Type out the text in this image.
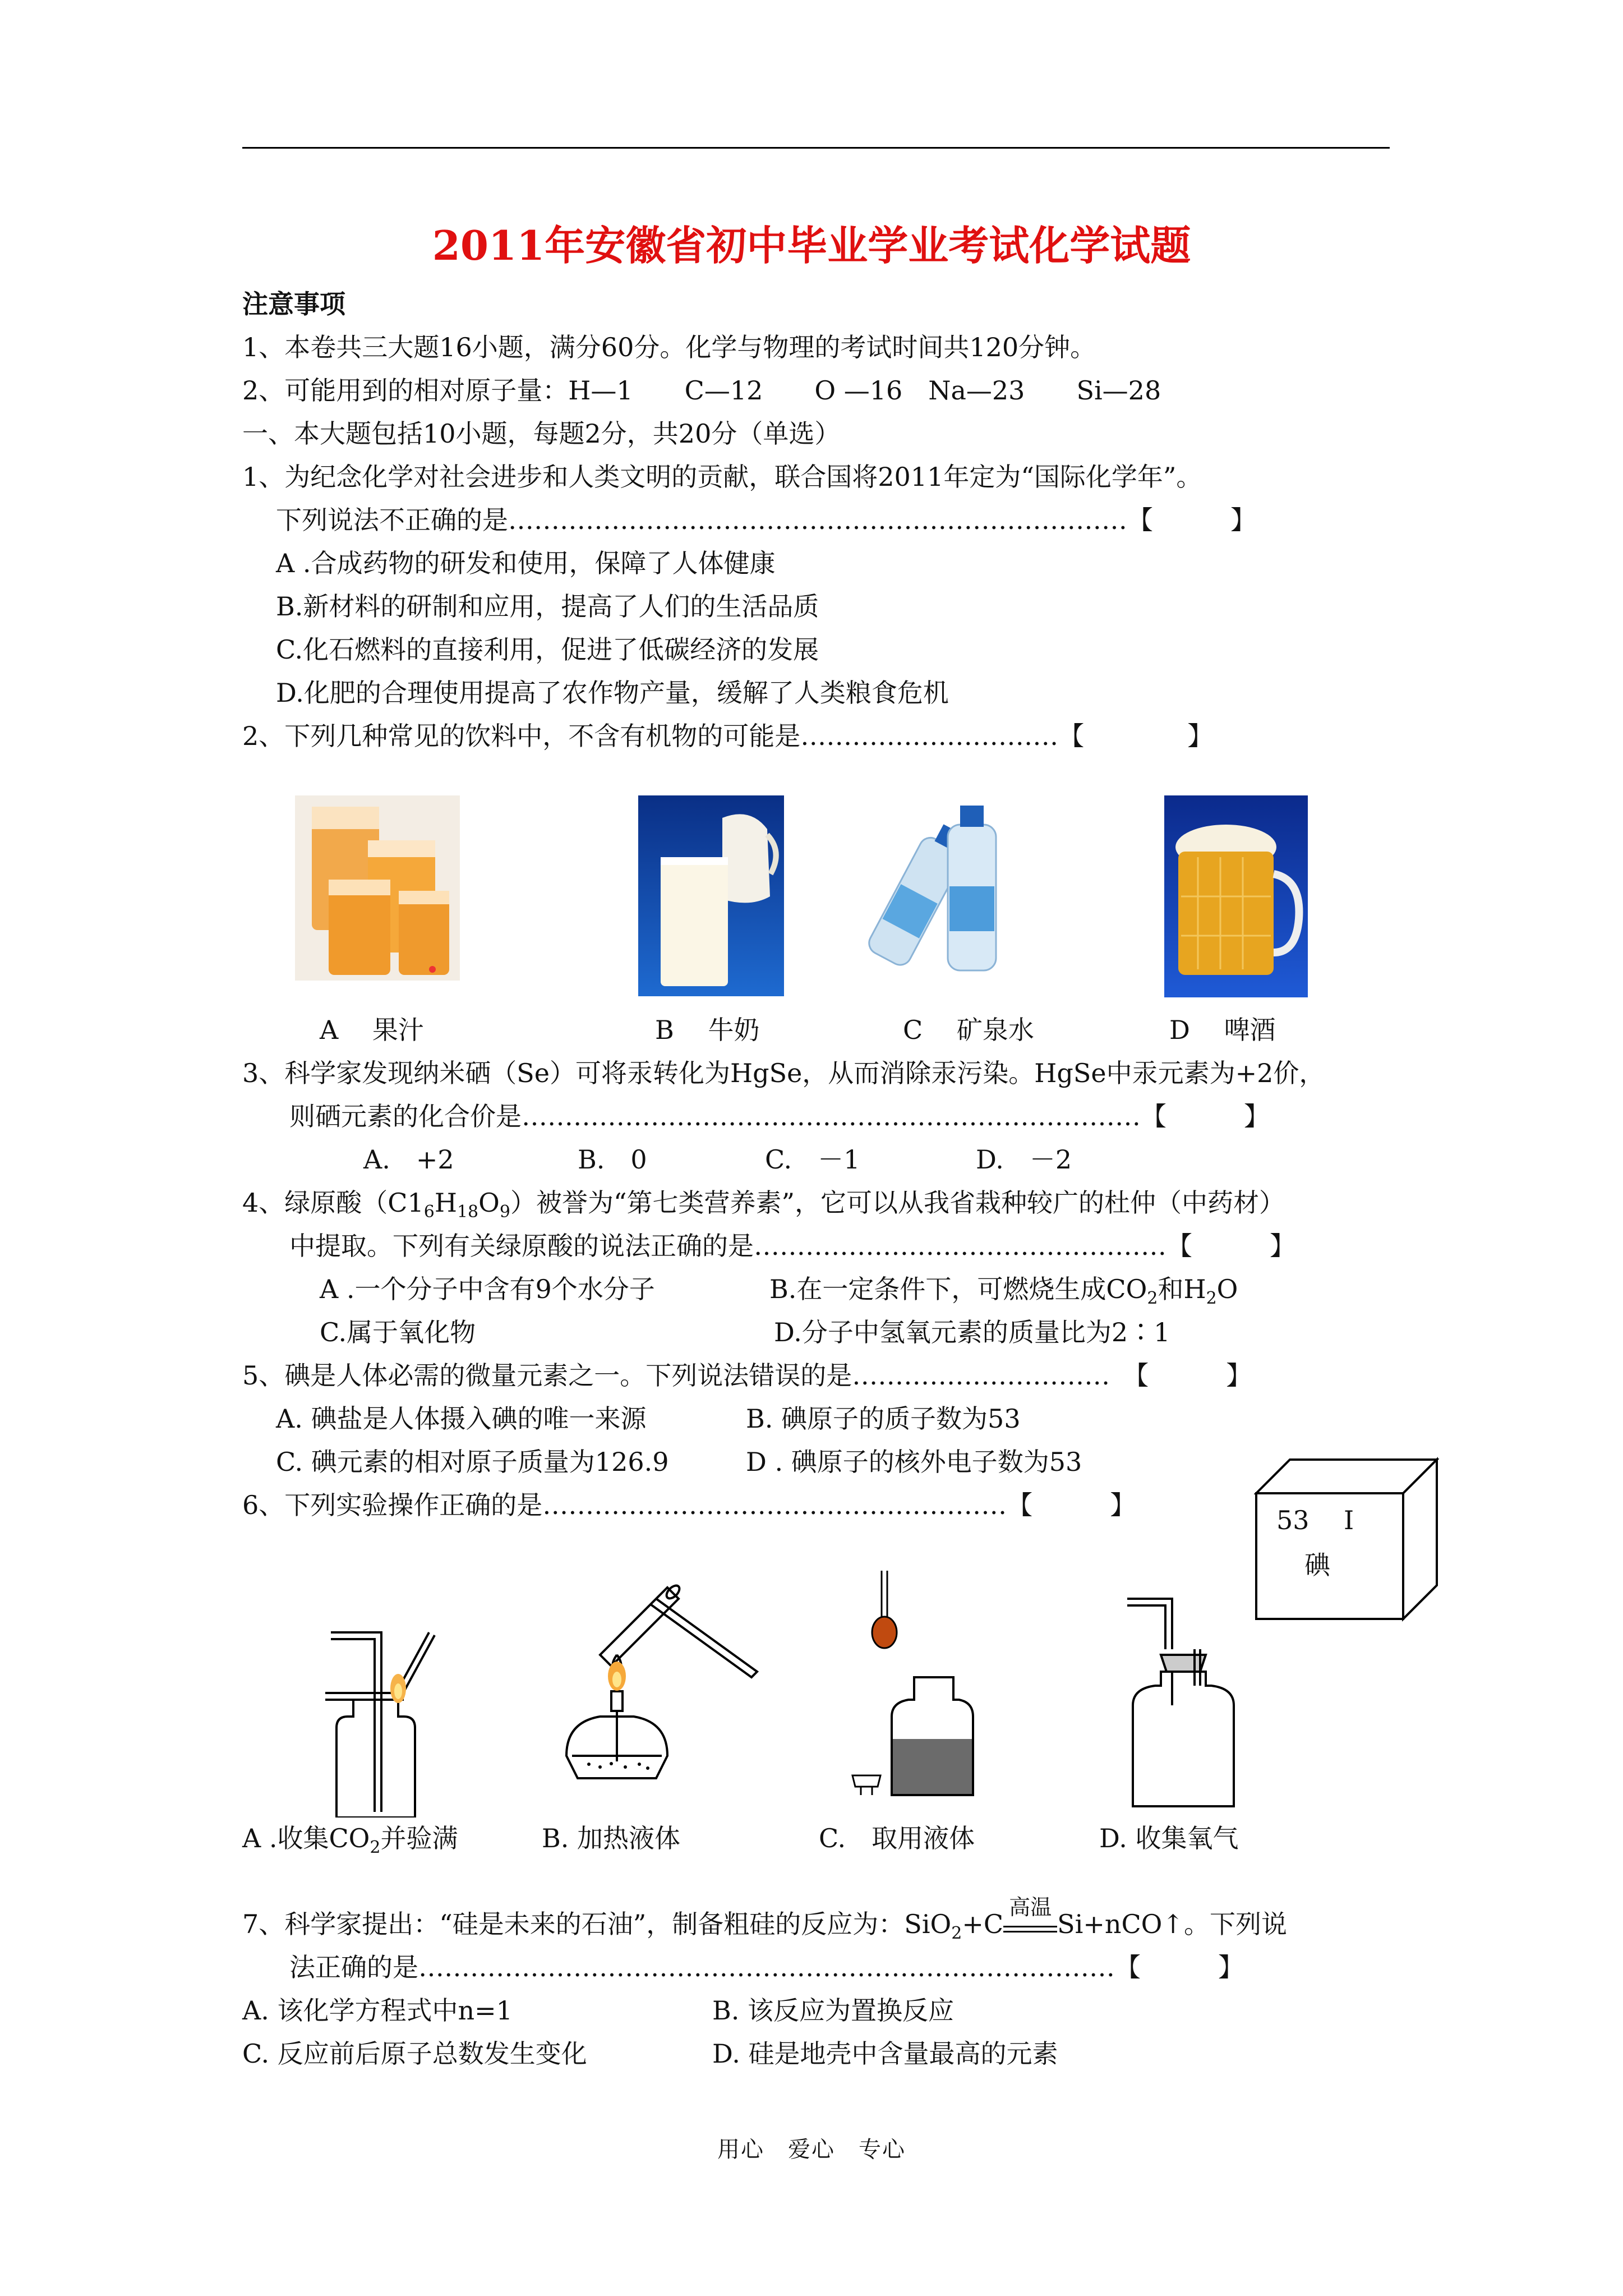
2011年安徽省初中毕业学业考试化学试题
注意事项
1、本卷共三大题16小题，满分60分。化学与物理的考试时间共120分钟。
2、可能用到的相对原子量：H—1　　C—12　　O —16　Na—23　　Si—28
一、本大题包括10小题，每题2分，共20分（单选）
1、为纪念化学对社会进步和人类文明的贡献，联合国将2011年定为“国际化学年”。
下列说法不正确的是………………………………………………………………【　　　】
A .合成药物的研发和使用，保障了人体健康
B.新材料的研制和应用，提高了人们的生活品质
C.化石燃料的直接利用，促进了低碳经济的发展
D.化肥的合理使用提高了农作物产量，缓解了人类粮食危机
2、下列几种常见的饮料中，不含有机物的可能是…………………………【　　　　】
A　 果汁	B　 牛奶	C　 矿泉水	D　 啤酒
3、科学家发现纳米硒（Se）可将汞转化为HgSe，从而消除汞污染。HgSe中汞元素为+2价，
则硒元素的化合价是………………………………………………………………【　　　】
A.　+2	B.　0	C.　－1	D.　－2
4、绿原酸$(C1_6H_{18}O_9)$被誉为“第七类营养素”，它可以从我省栽种较广的杜仲（中药材）
中提取。下列有关绿原酸的说法正确的是…………………………………………【　　　】
A .一个分子中含有9个水分子	B.在一定条件下，可燃烧生成$CO_2$和$H_2O$
C.属于氧化物	D.分子中氢氧元素的质量比为2∶1
5、碘是人体必需的微量元素之一。下列说法错误的是…………………………　【　　　】
A. 碘盐是人体摄入碘的唯一来源	B. 碘原子的质子数为53
C. 碘元素的相对原子质量为126.9	D . 碘原子的核外电子数为53
53 I
碘
6、下列实验操作正确的是………………………………………………【　　　】
A .收集$CO_2$并验满	B. 加热液体	C.　取用液体	D. 收集氧气
7、科学家提出：“硅是未来的石油”，制备粗硅的反应为：SiO$_2$+C
高温
Si+nCO↑。下列说
法正确的是………………………………………………………………………【　　　】
A. 该化学方程式中n=1	B. 该反应为置换反应
C. 反应前后原子总数发生变化	D. 硅是地壳中含量最高的元素
用心　爱心　专心
